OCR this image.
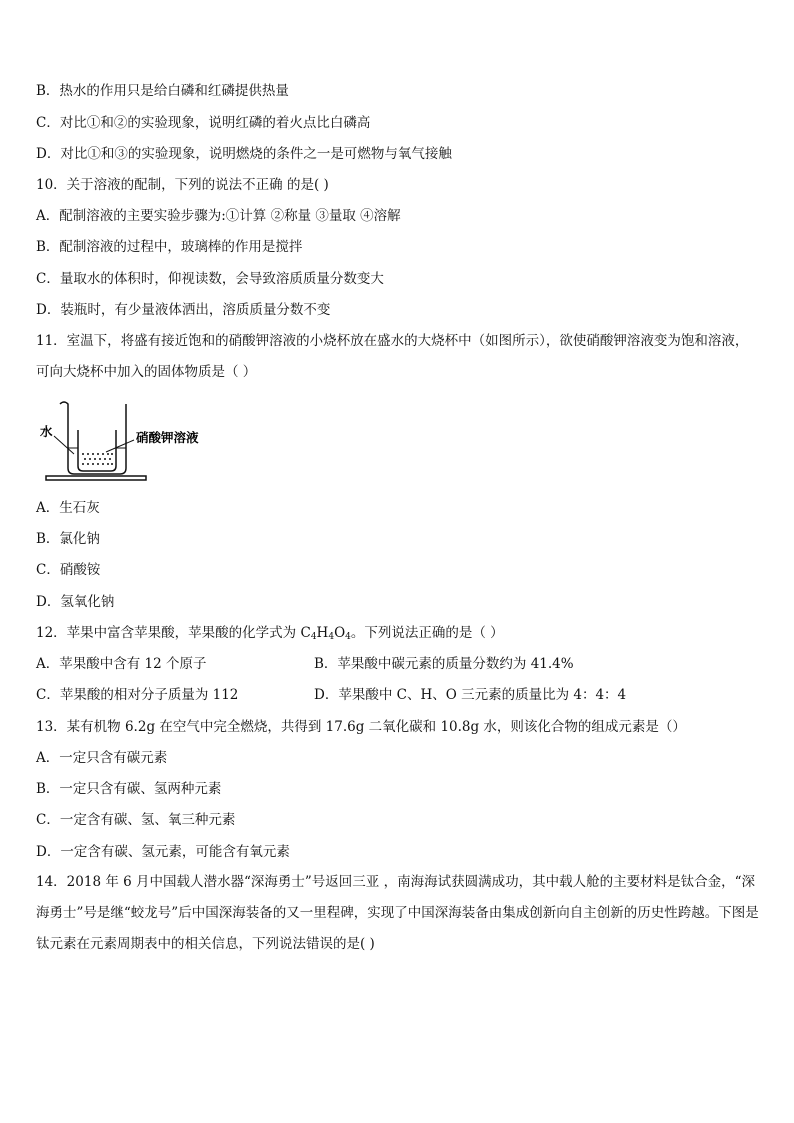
B．热水的作用只是给白磷和红磷提供热量
C．对比①和②的实验现象，说明红磷的着火点比白磷高
D．对比①和③的实验现象，说明燃烧的条件之一是可燃物与氧气接触
10．关于溶液的配制，下列的说法不正确 的是( )
A．配制溶液的主要实验步骤为:①计算 ②称量 ③量取 ④溶解
B．配制溶液的过程中，玻璃棒的作用是搅拌
C．量取水的体积时，仰视读数，会导致溶质质量分数变大
D．装瓶时，有少量液体洒出，溶质质量分数不变
11．室温下，将盛有接近饱和的硝酸钾溶液的小烧杯放在盛水的大烧杯中（如图所示），欲使硝酸钾溶液变为饱和溶液，可向大烧杯中加入的固体物质是（ ）
水	硝酸钾溶液
A．生石灰
B．氯化钠
C．硝酸铵
D．氢氧化钠
12．苹果中富含苹果酸，苹果酸的化学式为 $C_4H_4O_4$。下列说法正确的是（ ）
A．苹果酸中含有 12 个原子	B．苹果酸中碳元素的质量分数约为 41.4%
C．苹果酸的相对分子质量为 112	D．苹果酸中 C、H、O 三元素的质量比为 4：4：4
13．某有机物 6.2g 在空气中完全燃烧，共得到 17.6g 二氧化碳和 10.8g 水，则该化合物的组成元素是（）
A．一定只含有碳元素
B．一定只含有碳、氢两种元素
C．一定含有碳、氢、氧三种元素
D．一定含有碳、氢元素，可能含有氧元素
14．2018 年 6 月中国载人潜水器“深海勇士”号返回三亚 ，南海海试获圆满成功，其中载人舱的主要材料是钛合金，“深海勇士”号是继“蛟龙号”后中国深海装备的又一里程碑，实现了中国深海装备由集成创新向自主创新的历史性跨越。下图是钛元素在元素周期表中的相关信息，下列说法错误的是( )
